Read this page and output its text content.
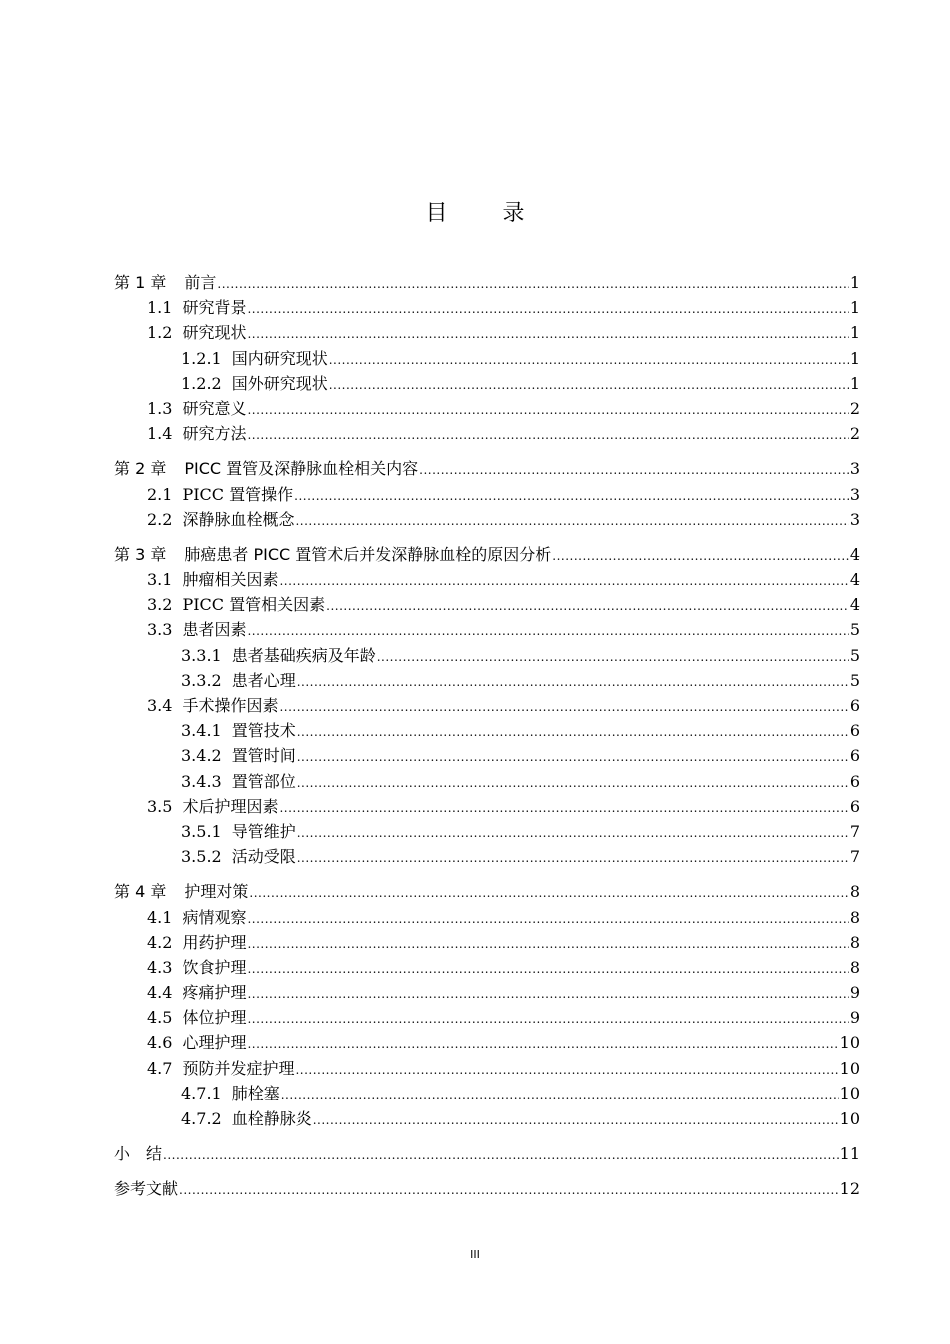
目 录
第 1 章 前言 .....	1
1.1 研究背景 .....	1
1.2 研究现状 .....	1
1.2.1 国内研究现状 .....	1
1.2.2 国外研究现状 .....	1
1.3 研究意义 .....	2
1.4 研究方法 .....	2
第 2 章 PICC 置管及深静脉血栓相关内容 .....	3
2.1 PICC 置管操作 .....	3
2.2 深静脉血栓概念 .....	3
第 3 章 肺癌患者 PICC 置管术后并发深静脉血栓的原因分析 .....	4
3.1 肿瘤相关因素 .....	4
3.2 PICC 置管相关因素 .....	4
3.3 患者因素 .....	5
3.3.1 患者基础疾病及年龄 .....	5
3.3.2 患者心理 .....	5
3.4 手术操作因素 .....	6
3.4.1 置管技术 .....	6
3.4.2 置管时间 .....	6
3.4.3 置管部位 .....	6
3.5 术后护理因素 .....	6
3.5.1 导管维护 .....	7
3.5.2 活动受限 .....	7
第 4 章 护理对策 .....	8
4.1 病情观察 .....	8
4.2 用药护理 .....	8
4.3 饮食护理 .....	8
4.4 疼痛护理 .....	9
4.5 体位护理 .....	9
4.6 心理护理 .....	10
4.7 预防并发症护理 .....	10
4.7.1 肺栓塞 .....	10
4.7.2 血栓静脉炎 .....	10
小　结 .....	11
参考文献 .....	12
III
